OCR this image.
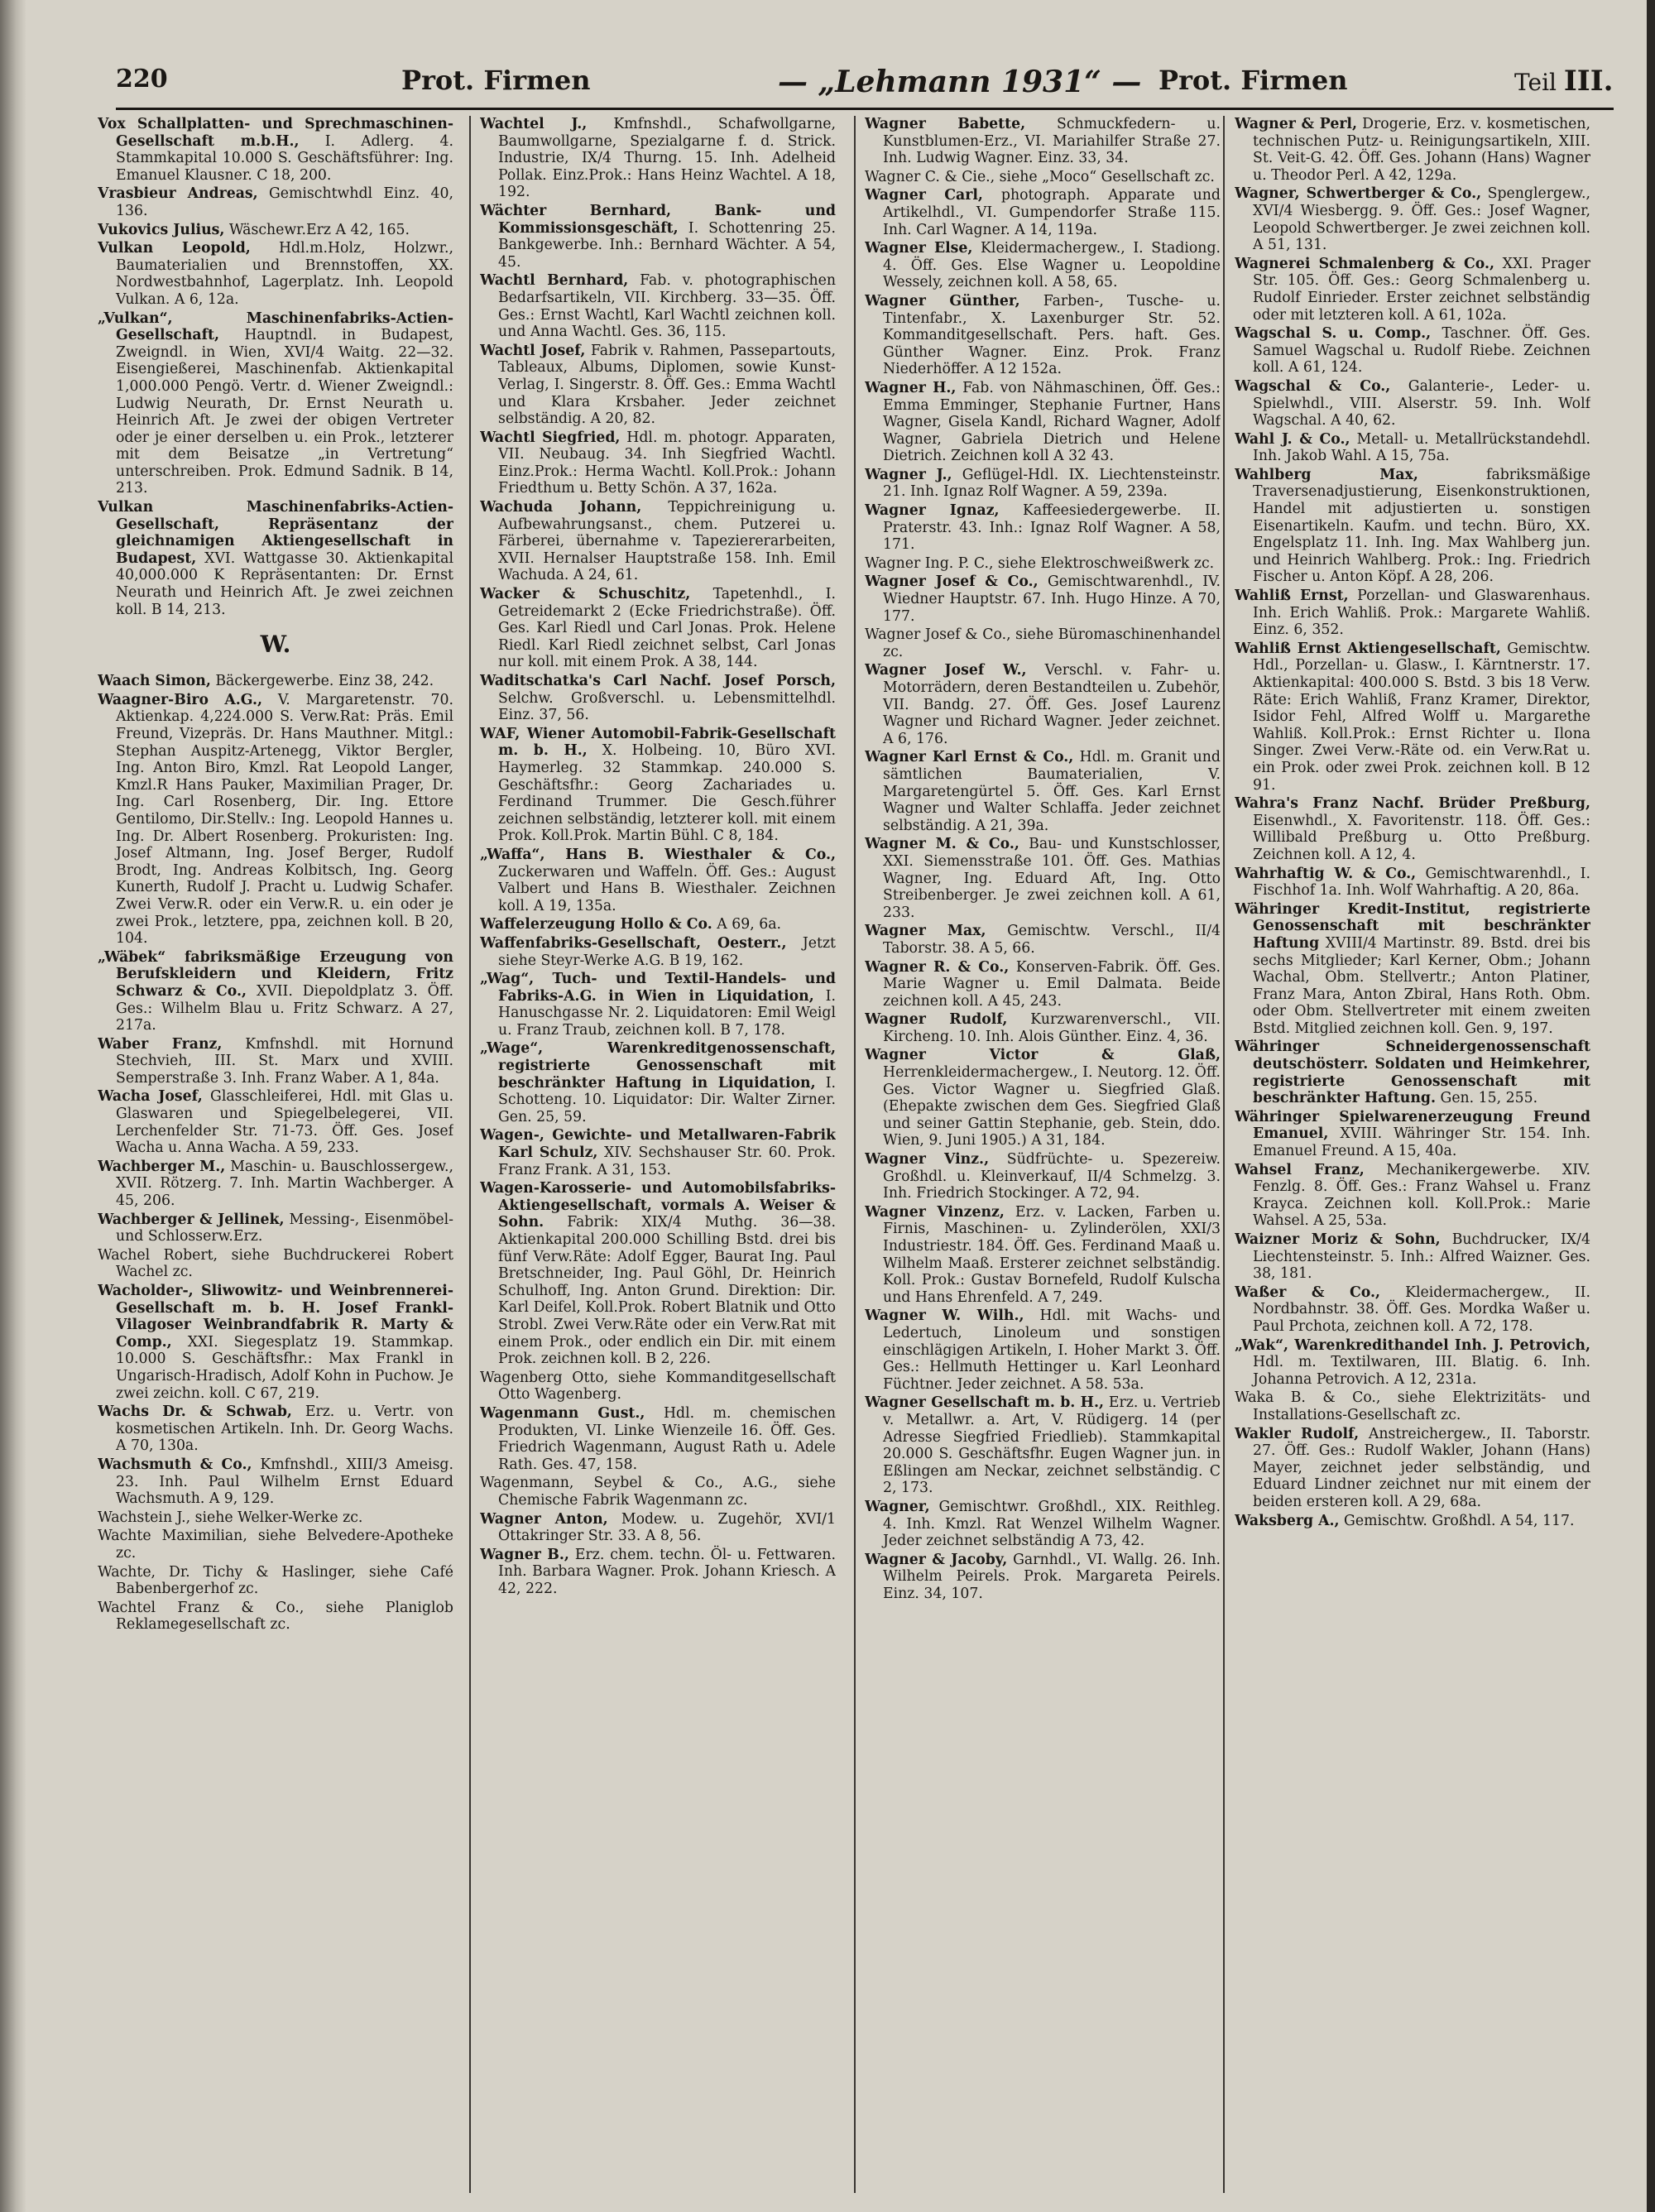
220	Prot. Firmen	— „Lehmann 1931“ — Prot. Firmen	Teil III.
Vox Schallplatten- und Sprechmaschinen-Gesellschaft m.b.H., I. Adlerg. 4. Stammkapital 10.000 S. Geschäftsführer: Ing. Emanuel Klausner. C 18, 200.
Vrasbieur Andreas, Gemischtwhdl Einz. 40, 136.
Vukovics Julius, Wäschewr.Erz A 42, 165.
Vulkan Leopold, Hdl.m.Holz, Holzwr., Baumaterialien und Brennstoffen, XX. Nordwestbahnhof, Lagerplatz. Inh. Leopold Vulkan. A 6, 12a.
„Vulkan“, Maschinenfabriks-Actien-Gesellschaft, Hauptndl. in Budapest, Zweigndl. in Wien, XVI/4 Waitg. 22—32. Eisengießerei, Maschinenfab. Aktienkapital 1,000.000 Pengö. Vertr. d. Wiener Zweigndl.: Ludwig Neurath, Dr. Ernst Neurath u. Heinrich Aft. Je zwei der obigen Vertreter oder je einer derselben u. ein Prok., letzterer mit dem Beisatze „in Vertretung“ unterschreiben. Prok. Edmund Sadnik. B 14, 213.
Vulkan Maschinenfabriks-Actien-Gesellschaft, Repräsentanz der gleichnamigen Aktiengesellschaft in Budapest, XVI. Wattgasse 30. Aktienkapital 40,000.000 K Repräsentanten: Dr. Ernst Neurath und Heinrich Aft. Je zwei zeichnen koll. B 14, 213.
W.
Waach Simon, Bäckergewerbe. Einz 38, 242.
Waagner-Biro A.G., V. Margaretenstr. 70. Aktienkap. 4,224.000 S. Verw.Rat: Präs. Emil Freund, Vizepräs. Dr. Hans Mauthner. Mitgl.: Stephan Auspitz-Artenegg, Viktor Bergler, Ing. Anton Biro, Kmzl. Rat Leopold Langer, Kmzl.R Hans Pauker, Maximilian Prager, Dr. Ing. Carl Rosenberg, Dir. Ing. Ettore Gentilomo, Dir.Stellv.: Ing. Leopold Hannes u. Ing. Dr. Albert Rosenberg. Prokuristen: Ing. Josef Altmann, Ing. Josef Berger, Rudolf Brodt, Ing. Andreas Kolbitsch, Ing. Georg Kunerth, Rudolf J. Pracht u. Ludwig Schafer. Zwei Verw.R. oder ein Verw.R. u. ein oder je zwei Prok., letztere, ppa, zeichnen koll. B 20, 104.
„Wäbek“ fabriksmäßige Erzeugung von Berufskleidern und Kleidern, Fritz Schwarz & Co., XVII. Diepoldplatz 3. Öff. Ges.: Wilhelm Blau u. Fritz Schwarz. A 27, 217a.
Waber Franz, Kmfnshdl. mit Hornund Stechvieh, III. St. Marx und XVIII. Semperstraße 3. Inh. Franz Waber. A 1, 84a.
Wacha Josef, Glasschleiferei, Hdl. mit Glas u. Glaswaren und Spiegelbelegerei, VII. Lerchenfelder Str. 71-73. Öff. Ges. Josef Wacha u. Anna Wacha. A 59, 233.
Wachberger M., Maschin- u. Bauschlossergew., XVII. Rötzerg. 7. Inh. Martin Wachberger. A 45, 206.
Wachberger & Jellinek, Messing-, Eisenmöbel- und Schlosserw.Erz.
Wachel Robert, siehe Buchdruckerei Robert Wachel zc.
Wacholder-, Sliwowitz- und Weinbrennerei-Gesellschaft m. b. H. Josef Frankl-Vilagoser Weinbrandfabrik R. Marty & Comp., XXI. Siegesplatz 19. Stammkap. 10.000 S. Geschäftsfhr.: Max Frankl in Ungarisch-Hradisch, Adolf Kohn in Puchow. Je zwei zeichn. koll. C 67, 219.
Wachs Dr. & Schwab, Erz. u. Vertr. von kosmetischen Artikeln. Inh. Dr. Georg Wachs. A 70, 130a.
Wachsmuth & Co., Kmfnshdl., XIII/3 Ameisg. 23. Inh. Paul Wilhelm Ernst Eduard Wachsmuth. A 9, 129.
Wachstein J., siehe Welker-Werke zc.
Wachte Maximilian, siehe Belvedere-Apotheke zc.
Wachte, Dr. Tichy & Haslinger, siehe Café Babenbergerhof zc.
Wachtel Franz & Co., siehe Planiglob Reklamegesellschaft zc.
Wachtel J., Kmfnshdl., Schafwollgarne, Baumwollgarne, Spezialgarne f. d. Strick. Industrie, IX/4 Thurng. 15. Inh. Adelheid Pollak. Einz.Prok.: Hans Heinz Wachtel. A 18, 192.
Wächter Bernhard, Bank- und Kommissionsgeschäft, I. Schottenring 25. Bankgewerbe. Inh.: Bernhard Wächter. A 54, 45.
Wachtl Bernhard, Fab. v. photographischen Bedarfsartikeln, VII. Kirchberg. 33—35. Öff. Ges.: Ernst Wachtl, Karl Wachtl zeichnen koll. und Anna Wachtl. Ges. 36, 115.
Wachtl Josef, Fabrik v. Rahmen, Passepartouts, Tableaux, Albums, Diplomen, sowie Kunst-Verlag, I. Singerstr. 8. Öff. Ges.: Emma Wachtl und Klara Krsbaher. Jeder zeichnet selbständig. A 20, 82.
Wachtl Siegfried, Hdl. m. photogr. Apparaten, VII. Neubaug. 34. Inh Siegfried Wachtl. Einz.Prok.: Herma Wachtl. Koll.Prok.: Johann Friedthum u. Betty Schön. A 37, 162a.
Wachuda Johann, Teppichreinigung u. Aufbewahrungsanst., chem. Putzerei u. Färberei, übernahme v. Tapeziererarbeiten, XVII. Hernalser Hauptstraße 158. Inh. Emil Wachuda. A 24, 61.
Wacker & Schuschitz, Tapetenhdl., I. Getreidemarkt 2 (Ecke Friedrichstraße). Öff. Ges. Karl Riedl und Carl Jonas. Prok. Helene Riedl. Karl Riedl zeichnet selbst, Carl Jonas nur koll. mit einem Prok. A 38, 144.
Waditschatka's Carl Nachf. Josef Porsch, Selchw. Großverschl. u. Lebensmittelhdl. Einz. 37, 56.
WAF, Wiener Automobil-Fabrik-Gesellschaft m. b. H., X. Holbeing. 10, Büro XVI. Haymerleg. 32 Stammkap. 240.000 S. Geschäftsfhr.: Georg Zachariades u. Ferdinand Trummer. Die Gesch.führer zeichnen selbständig, letzterer koll. mit einem Prok. Koll.Prok. Martin Bühl. C 8, 184.
„Waffa“, Hans B. Wiesthaler & Co., Zuckerwaren und Waffeln. Öff. Ges.: August Valbert und Hans B. Wiesthaler. Zeichnen koll. A 19, 135a.
Waffelerzeugung Hollo & Co. A 69, 6a.
Waffenfabriks-Gesellschaft, Oesterr., Jetzt siehe Steyr-Werke A.G. B 19, 162.
„Wag“, Tuch- und Textil-Handels- und Fabriks-A.G. in Wien in Liquidation, I. Hanuschgasse Nr. 2. Liquidatoren: Emil Weigl u. Franz Traub, zeichnen koll. B 7, 178.
„Wage“, Warenkreditgenossenschaft, registrierte Genossenschaft mit beschränkter Haftung in Liquidation, I. Schotteng. 10. Liquidator: Dir. Walter Zirner. Gen. 25, 59.
Wagen-, Gewichte- und Metallwaren-Fabrik Karl Schulz, XIV. Sechshauser Str. 60. Prok. Franz Frank. A 31, 153.
Wagen-Karosserie- und Automobilsfabriks-Aktiengesellschaft, vormals A. Weiser & Sohn. Fabrik: XIX/4 Muthg. 36—38. Aktienkapital 200.000 Schilling Bstd. drei bis fünf Verw.Räte: Adolf Egger, Baurat Ing. Paul Bretschneider, Ing. Paul Göhl, Dr. Heinrich Schulhoff, Ing. Anton Grund. Direktion: Dir. Karl Deifel, Koll.Prok. Robert Blatnik und Otto Strobl. Zwei Verw.Räte oder ein Verw.Rat mit einem Prok., oder endlich ein Dir. mit einem Prok. zeichnen koll. B 2, 226.
Wagenberg Otto, siehe Kommanditgesellschaft Otto Wagenberg.
Wagenmann Gust., Hdl. m. chemischen Produkten, VI. Linke Wienzeile 16. Öff. Ges. Friedrich Wagenmann, August Rath u. Adele Rath. Ges. 47, 158.
Wagenmann, Seybel & Co., A.G., siehe Chemische Fabrik Wagenmann zc.
Wagner Anton, Modew. u. Zugehör, XVI/1 Ottakringer Str. 33. A 8, 56.
Wagner B., Erz. chem. techn. Öl- u. Fettwaren. Inh. Barbara Wagner. Prok. Johann Kriesch. A 42, 222.
Wagner Babette, Schmuckfedern- u. Kunstblumen-Erz., VI. Mariahilfer Straße 27. Inh. Ludwig Wagner. Einz. 33, 34.
Wagner C. & Cie., siehe „Moco“ Gesellschaft zc.
Wagner Carl, photograph. Apparate und Artikelhdl., VI. Gumpendorfer Straße 115. Inh. Carl Wagner. A 14, 119a.
Wagner Else, Kleidermachergew., I. Stadiong. 4. Öff. Ges. Else Wagner u. Leopoldine Wessely, zeichnen koll. A 58, 65.
Wagner Günther, Farben-, Tusche- u. Tintenfabr., X. Laxenburger Str. 52. Kommanditgesellschaft. Pers. haft. Ges. Günther Wagner. Einz. Prok. Franz Niederhöffer. A 12 152a.
Wagner H., Fab. von Nähmaschinen, Öff. Ges.: Emma Emminger, Stephanie Furtner, Hans Wagner, Gisela Kandl, Richard Wagner, Adolf Wagner, Gabriela Dietrich und Helene Dietrich. Zeichnen koll A 32 43.
Wagner J., Geflügel-Hdl. IX. Liechtensteinstr. 21. Inh. Ignaz Rolf Wagner. A 59, 239a.
Wagner Ignaz, Kaffeesiedergewerbe. II. Praterstr. 43. Inh.: Ignaz Rolf Wagner. A 58, 171.
Wagner Ing. P. C., siehe Elektroschweißwerk zc.
Wagner Josef & Co., Gemischtwarenhdl., IV. Wiedner Hauptstr. 67. Inh. Hugo Hinze. A 70, 177.
Wagner Josef & Co., siehe Büromaschinenhandel zc.
Wagner Josef W., Verschl. v. Fahr- u. Motorrädern, deren Bestandteilen u. Zubehör, VII. Bandg. 27. Öff. Ges. Josef Laurenz Wagner und Richard Wagner. Jeder zeichnet. A 6, 176.
Wagner Karl Ernst & Co., Hdl. m. Granit und sämtlichen Baumaterialien, V. Margaretengürtel 5. Öff. Ges. Karl Ernst Wagner und Walter Schlaffa. Jeder zeichnet selbständig. A 21, 39a.
Wagner M. & Co., Bau- und Kunstschlosser, XXI. Siemensstraße 101. Öff. Ges. Mathias Wagner, Ing. Eduard Aft, Ing. Otto Streibenberger. Je zwei zeichnen koll. A 61, 233.
Wagner Max, Gemischtw. Verschl., II/4 Taborstr. 38. A 5, 66.
Wagner R. & Co., Konserven-Fabrik. Öff. Ges. Marie Wagner u. Emil Dalmata. Beide zeichnen koll. A 45, 243.
Wagner Rudolf, Kurzwarenverschl., VII. Kircheng. 10. Inh. Alois Günther. Einz. 4, 36.
Wagner Victor & Glaß, Herrenkleidermachergew., I. Neutorg. 12. Öff. Ges. Victor Wagner u. Siegfried Glaß. (Ehepakte zwischen dem Ges. Siegfried Glaß und seiner Gattin Stephanie, geb. Stein, ddo. Wien, 9. Juni 1905.) A 31, 184.
Wagner Vinz., Südfrüchte- u. Spezereiw. Großhdl. u. Kleinverkauf, II/4 Schmelzg. 3. Inh. Friedrich Stockinger. A 72, 94.
Wagner Vinzenz, Erz. v. Lacken, Farben u. Firnis, Maschinen- u. Zylinderölen, XXI/3 Industriestr. 184. Öff. Ges. Ferdinand Maaß u. Wilhelm Maaß. Ersterer zeichnet selbständig. Koll. Prok.: Gustav Bornefeld, Rudolf Kulscha und Hans Ehrenfeld. A 7, 249.
Wagner W. Wilh., Hdl. mit Wachs- und Ledertuch, Linoleum und sonstigen einschlägigen Artikeln, I. Hoher Markt 3. Öff. Ges.: Hellmuth Hettinger u. Karl Leonhard Füchtner. Jeder zeichnet. A 58. 53a.
Wagner Gesellschaft m. b. H., Erz. u. Vertrieb v. Metallwr. a. Art, V. Rüdigerg. 14 (per Adresse Siegfried Friedlieb). Stammkapital 20.000 S. Geschäftsfhr. Eugen Wagner jun. in Eßlingen am Neckar, zeichnet selbständig. C 2, 173.
Wagner, Gemischtwr. Großhdl., XIX. Reithleg. 4. Inh. Kmzl. Rat Wenzel Wilhelm Wagner. Jeder zeichnet selbständig A 73, 42.
Wagner & Jacoby, Garnhdl., VI. Wallg. 26. Inh. Wilhelm Peirels. Prok. Margareta Peirels. Einz. 34, 107.
Wagner & Perl, Drogerie, Erz. v. kosmetischen, technischen Putz- u. Reinigungsartikeln, XIII. St. Veit-G. 42. Öff. Ges. Johann (Hans) Wagner u. Theodor Perl. A 42, 129a.
Wagner, Schwertberger & Co., Spenglergew., XVI/4 Wiesbergg. 9. Öff. Ges.: Josef Wagner, Leopold Schwertberger. Je zwei zeichnen koll. A 51, 131.
Wagnerei Schmalenberg & Co., XXI. Prager Str. 105. Öff. Ges.: Georg Schmalenberg u. Rudolf Einrieder. Erster zeichnet selbständig oder mit letzteren koll. A 61, 102a.
Wagschal S. u. Comp., Taschner. Öff. Ges. Samuel Wagschal u. Rudolf Riebe. Zeichnen koll. A 61, 124.
Wagschal & Co., Galanterie-, Leder- u. Spielwhdl., VIII. Alserstr. 59. Inh. Wolf Wagschal. A 40, 62.
Wahl J. & Co., Metall- u. Metallrückstandehdl. Inh. Jakob Wahl. A 15, 75a.
Wahlberg Max,	fabriksmäßige Traversenadjustierung, Eisenkonstruktionen, Handel mit adjustierten u. sonstigen Eisenartikeln. Kaufm. und techn. Büro, XX. Engelsplatz 11. Inh. Ing. Max Wahlberg jun. und Heinrich Wahlberg. Prok.: Ing. Friedrich Fischer u. Anton Köpf. A 28, 206.
Wahliß Ernst, Porzellan- und Glaswarenhaus. Inh. Erich Wahliß. Prok.: Margarete Wahliß. Einz. 6, 352.
Wahliß Ernst Aktiengesellschaft, Gemischtw. Hdl., Porzellan- u. Glasw., I. Kärntnerstr. 17. Aktienkapital: 400.000 S. Bstd. 3 bis 18 Verw. Räte: Erich Wahliß, Franz Kramer, Direktor, Isidor Fehl, Alfred Wolff u. Margarethe Wahliß. Koll.Prok.: Ernst Richter u. Ilona Singer. Zwei Verw.-Räte od. ein Verw.Rat u. ein Prok. oder zwei Prok. zeichnen koll. B 12 91.
Wahra's Franz Nachf. Brüder Preßburg, Eisenwhdl., X. Favoritenstr. 118. Öff. Ges.: Willibald Preßburg u. Otto Preßburg. Zeichnen koll. A 12, 4.
Wahrhaftig W. & Co., Gemischtwarenhdl., I. Fischhof 1a. Inh. Wolf Wahrhaftig. A 20, 86a.
Währinger Kredit-Institut, registrierte Genossenschaft mit beschränkter Haftung XVIII/4 Martinstr. 89. Bstd. drei bis sechs Mitglieder; Karl Kerner, Obm.; Johann Wachal, Obm. Stellvertr.; Anton Platiner, Franz Mara, Anton Zbiral, Hans Roth. Obm. oder Obm. Stellvertreter mit einem zweiten Bstd. Mitglied zeichnen koll. Gen. 9, 197.
Währinger Schneidergenossenschaft deutschösterr. Soldaten und Heimkehrer, registrierte Genossenschaft mit beschränkter Haftung. Gen. 15, 255.
Währinger Spielwarenerzeugung Freund Emanuel, XVIII. Währinger Str. 154. Inh. Emanuel Freund. A 15, 40a.
Wahsel Franz, Mechanikergewerbe. XIV. Fenzlg. 8. Öff. Ges.: Franz Wahsel u. Franz Krayca. Zeichnen koll. Koll.Prok.: Marie Wahsel. A 25, 53a.
Waizner Moriz & Sohn, Buchdrucker, IX/4 Liechtensteinstr. 5. Inh.: Alfred Waizner. Ges. 38, 181.
Waßer & Co., Kleidermachergew., II. Nordbahnstr. 38. Öff. Ges. Mordka Waßer u. Paul Prchota, zeichnen koll. A 72, 178.
„Wak“, Warenkredithandel Inh. J. Petrovich, Hdl. m. Textilwaren, III. Blatig. 6. Inh. Johanna Petrovich. A 12, 231a.
Waka B. & Co., siehe Elektrizitäts- und Installations-Gesellschaft zc.
Wakler Rudolf, Anstreichergew., II. Taborstr. 27. Öff. Ges.: Rudolf Wakler, Johann (Hans) Mayer, zeichnet jeder selbständig, und Eduard Lindner zeichnet nur mit einem der beiden ersteren koll. A 29, 68a.
Waksberg A., Gemischtw. Großhdl. A 54, 117.
